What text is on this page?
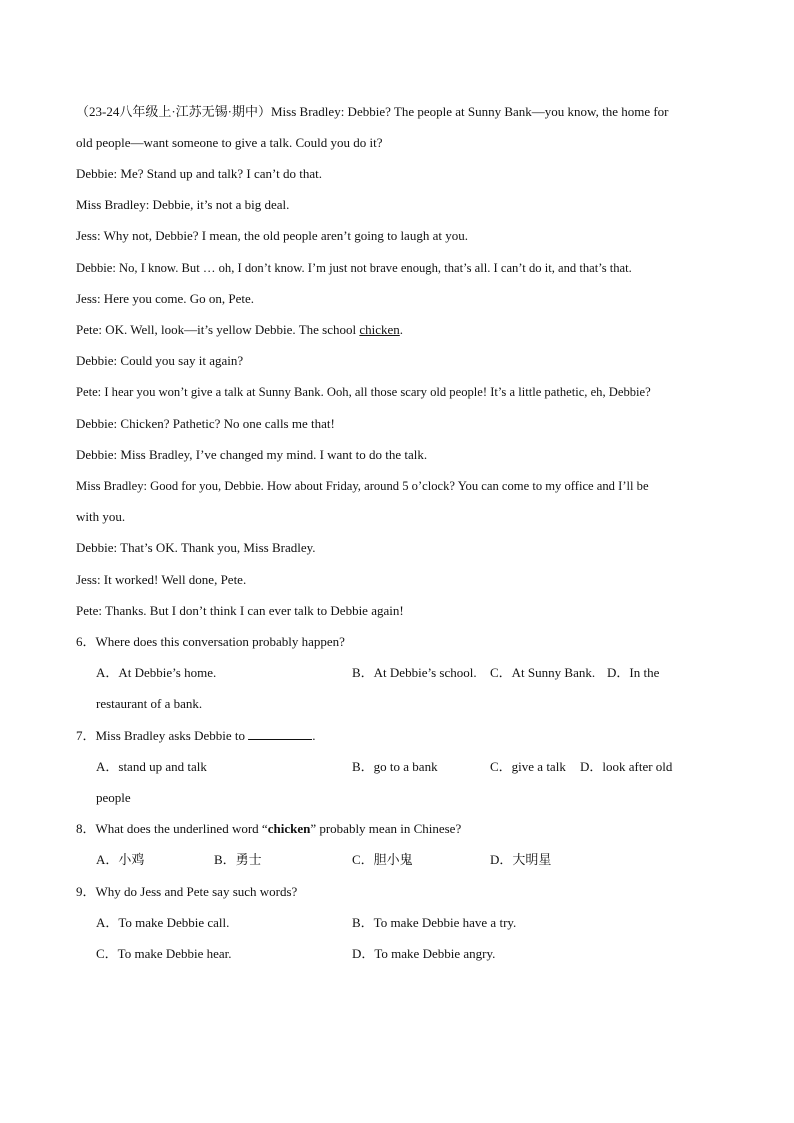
（23-24八年级上·江苏无锡·期中）Miss Bradley: Debbie? The people at Sunny Bank—you know, the home for
old people—want someone to give a talk. Could you do it?
Debbie: Me? Stand up and talk? I can’t do that.
Miss Bradley: Debbie, it’s not a big deal.
Jess: Why not, Debbie? I mean, the old people aren’t going to laugh at you.
Debbie: No, I know. But … oh, I don’t know. I’m just not brave enough, that’s all. I can’t do it, and that’s that.
Jess: Here you come. Go on, Pete.
Pete: OK. Well, look—it’s yellow Debbie. The school chicken.
Debbie: Could you say it again?
Pete: I hear you won’t give a talk at Sunny Bank. Ooh, all those scary old people! It’s a little pathetic, eh, Debbie?
Debbie: Chicken? Pathetic? No one calls me that!
Debbie: Miss Bradley, I’ve changed my mind. I want to do the talk.
Miss Bradley: Good for you, Debbie. How about Friday, around 5 o’clock? You can come to my office and I’ll be
with you.
Debbie: That’s OK. Thank you, Miss Bradley.
Jess: It worked! Well done, Pete.
Pete: Thanks. But I don’t think I can ever talk to Debbie again!
6．Where does this conversation probably happen?
A．At Debbie’s home.	B．At Debbie’s school. C．At Sunny Bank. D．In the
restaurant of a bank.
7．Miss Bradley asks Debbie to	.
A．stand up and talk	B．go to a bank	C．give a talk D．look after old
people
8．What does the underlined word “chicken” probably mean in Chinese?
A．小鸡	B．勇士	C．胆小鬼	D．大明星
9．Why do Jess and Pete say such words?
A．To make Debbie call.	B．To make Debbie have a try.
C．To make Debbie hear.	D．To make Debbie angry.
